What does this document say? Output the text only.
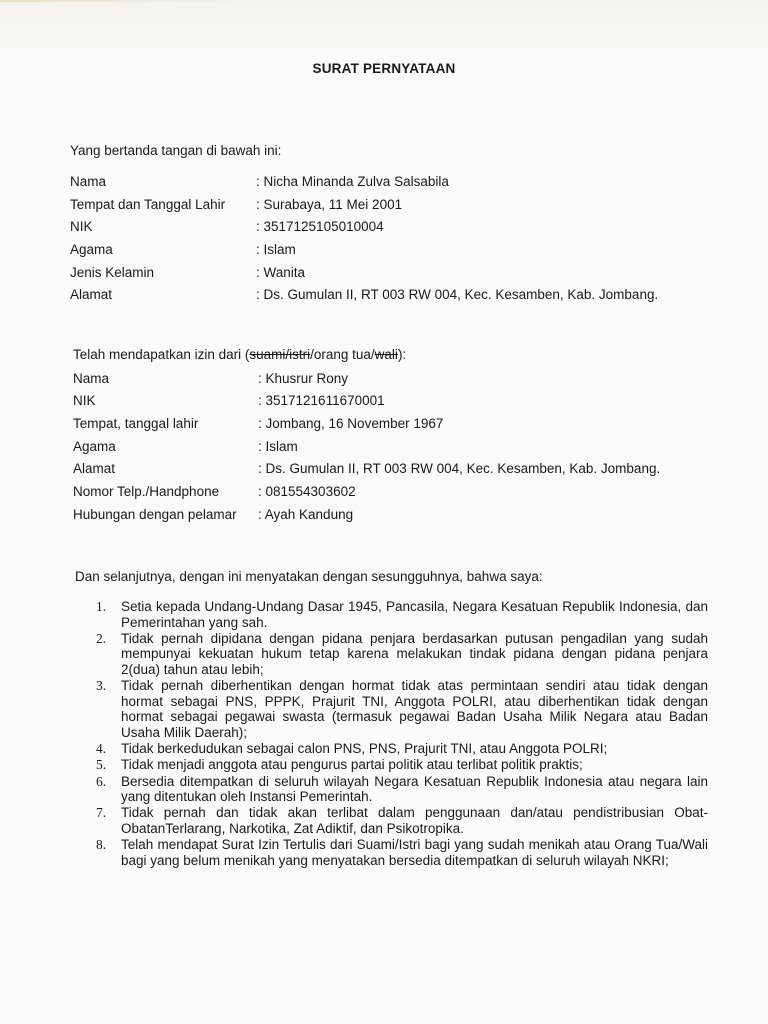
SURAT PERNYATAAN
Yang bertanda tangan di bawah ini:
Nama	: Nicha Minanda Zulva Salsabila
Tempat dan Tanggal Lahir : Surabaya, 11 Mei 2001
NIK	: 3517125105010004
Agama	: Islam
Jenis Kelamin	: Wanita
Alamat	: Ds. Gumulan II, RT 003 RW 004, Kec. Kesamben, Kab. Jombang.
Telah mendapatkan izin dari (suami/istri/orang tua/wali):
Nama	: Khusrur Rony
NIK	: 3517121611670001
Tempat, tanggal lahir	: Jombang, 16 November 1967
Agama	: Islam
Alamat	: Ds. Gumulan II, RT 003 RW 004, Kec. Kesamben, Kab. Jombang.
Nomor Telp./Handphone	: 081554303602
Hubungan dengan pelamar : Ayah Kandung
Dan selanjutnya, dengan ini menyatakan dengan sesungguhnya, bahwa saya:
1. Setia kepada Undang-Undang Dasar 1945, Pancasila, Negara Kesatuan Republik Indonesia, dan Pemerintahan yang sah.
2. Tidak pernah dipidana dengan pidana penjara berdasarkan putusan pengadilan yang sudah mempunyai kekuatan hukum tetap karena melakukan tindak pidana dengan pidana penjara 2(dua) tahun atau lebih;
3. Tidak pernah diberhentikan dengan hormat tidak atas permintaan sendiri atau tidak dengan hormat sebagai PNS, PPPK, Prajurit TNI, Anggota POLRI, atau diberhentikan tidak dengan hormat sebagai pegawai swasta (termasuk pegawai Badan Usaha Milik Negara atau Badan Usaha Milik Daerah);
4. Tidak berkedudukan sebagai calon PNS, PNS, Prajurit TNI, atau Anggota POLRI;
5. Tidak menjadi anggota atau pengurus partai politik atau terlibat politik praktis;
6. Bersedia ditempatkan di seluruh wilayah Negara Kesatuan Republik Indonesia atau negara lain yang ditentukan oleh Instansi Pemerintah.
7. Tidak pernah dan tidak akan terlibat dalam penggunaan dan/atau pendistribusian Obat-ObatanTerlarang, Narkotika, Zat Adiktif, dan Psikotropika.
8. Telah mendapat Surat Izin Tertulis dari Suami/Istri bagi yang sudah menikah atau Orang Tua/Wali bagi yang belum menikah yang menyatakan bersedia ditempatkan di seluruh wilayah NKRI;
